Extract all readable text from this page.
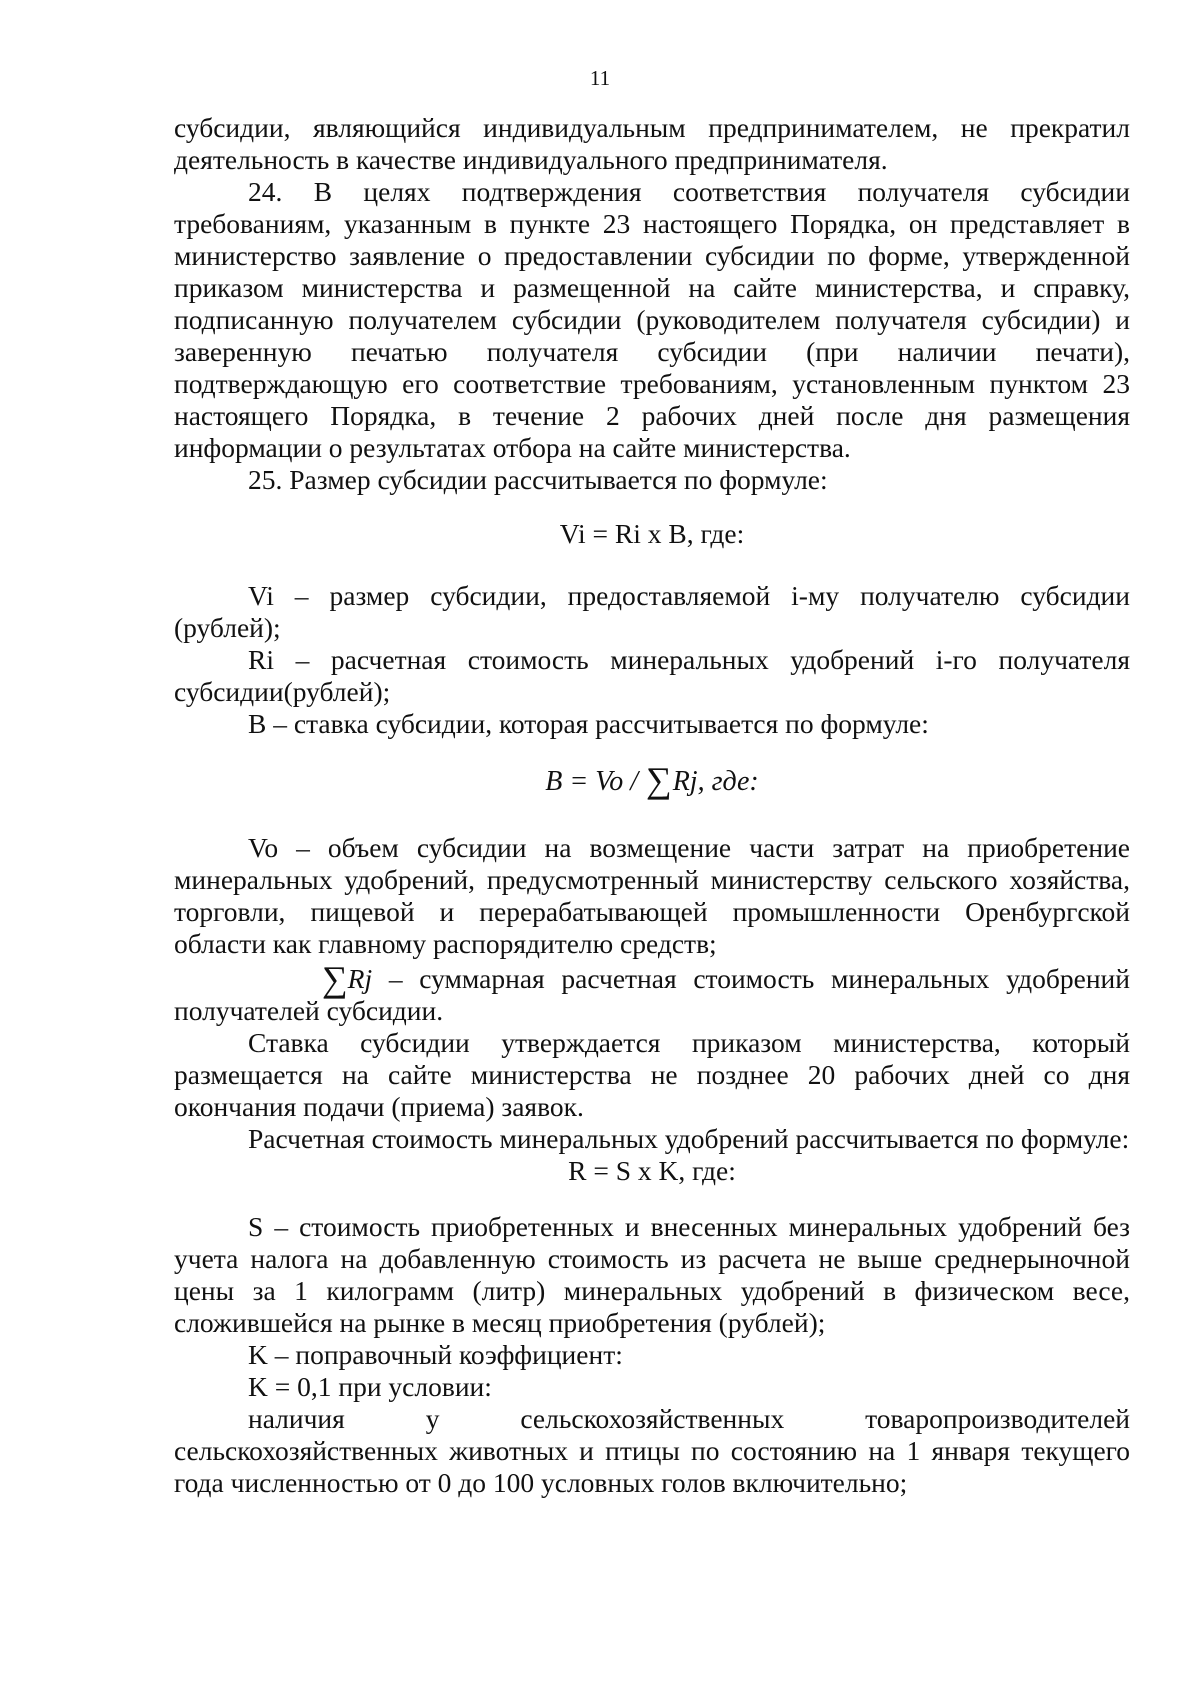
11

субсидии, являющийся индивидуальным предпринимателем, не прекратил деятельность в качестве индивидуального предпринимателя.

24. В целях подтверждения соответствия получателя субсидии требованиям, указанным в пункте 23 настоящего Порядка, он представляет в министерство заявление о предоставлении субсидии по форме, утвержденной приказом министерства и размещенной на сайте министерства, и справку, подписанную получателем субсидии (руководителем получателя субсидии) и заверенную печатью получателя субсидии (при наличии печати), подтверждающую его соответствие требованиям, установленным пунктом 23 настоящего Порядка, в течение 2 рабочих дней после дня размещения информации о результатах отбора на сайте министерства.

25. Размер субсидии рассчитывается по формуле:

Vi = Ri x B, где:

Vi – размер субсидии, предоставляемой i-му получателю субсидии (рублей);

Ri – расчетная стоимость минеральных удобрений i-го получателя субсидии(рублей);

B – ставка субсидии, которая рассчитывается по формуле:

B = Vo / ∑Rj, где:

Vo – объем субсидии на возмещение части затрат на приобретение минеральных удобрений, предусмотренный министерству сельского хозяйства, торговли, пищевой и перерабатывающей промышленности Оренбургской области как главному распорядителю средств;

∑Rj – суммарная расчетная стоимость минеральных удобрений получателей субсидии.

Ставка субсидии утверждается приказом министерства, который размещается на сайте министерства не позднее 20 рабочих дней со дня окончания подачи (приема) заявок.

Расчетная стоимость минеральных удобрений рассчитывается по формуле:

R = S x K, где:

S – стоимость приобретенных и внесенных минеральных удобрений без учета налога на добавленную стоимость из расчета не выше среднерыночной цены за 1 килограмм (литр) минеральных удобрений в физическом весе, сложившейся на рынке в месяц приобретения (рублей);

K – поправочный коэффициент:

K = 0,1 при условии:

наличия у сельскохозяйственных товаропроизводителей сельскохозяйственных животных и птицы по состоянию на 1 января текущего года численностью от 0 до 100 условных голов включительно;
